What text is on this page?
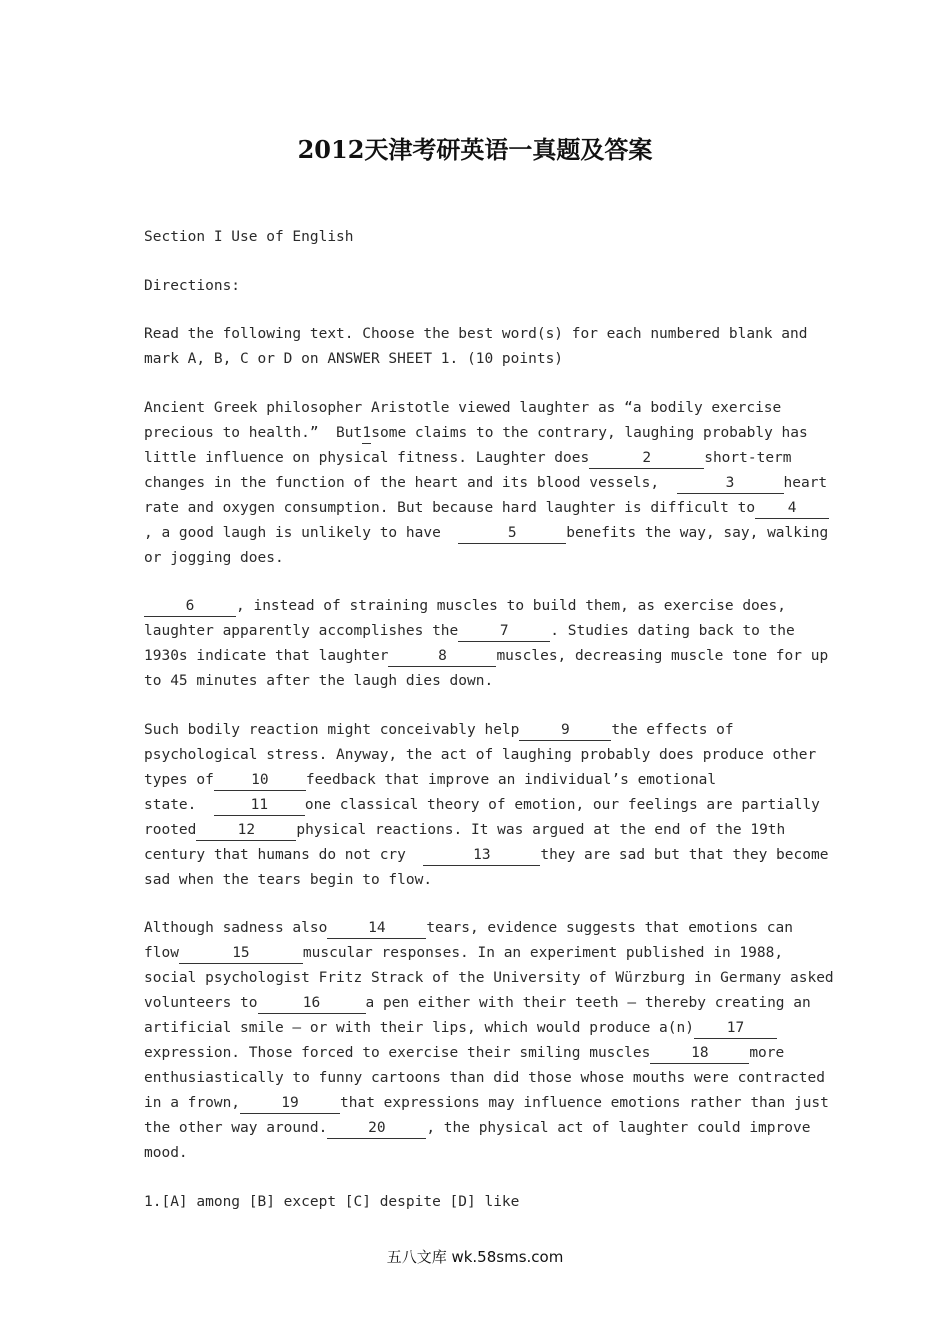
2012天津考研英语一真题及答案
Section I Use of English
Directions:
Read the following text. Choose the best word(s) for each numbered blank and
mark A, B, C or D on ANSWER SHEET 1. (10 points)
Ancient Greek philosopher Aristotle viewed laughter as “a bodily exercise
precious to health.”  But1some claims to the contrary, laughing probably has
little influence on physical fitness. Laughter does	2	short-term
changes in the function of the heart and its blood vessels,	3	heart
rate and oxygen consumption. But because hard laughter is difficult to 4
, a good laugh is unlikely to have	5	benefits the way, say, walking
or jogging does.
6	, instead of straining muscles to build them, as exercise does,
laughter apparently accomplishes the	7	. Studies dating back to the
1930s indicate that laughter	8	muscles, decreasing muscle tone for up
to 45 minutes after the laugh dies down.
Such bodily reaction might conceivably help	9	the effects of
psychological stress. Anyway, the act of laughing probably does produce other
types of	10	feedback that improve an individual’s emotional
state.	11	one classical theory of emotion, our feelings are partially
rooted	12	physical reactions. It was argued at the end of the 19th
century that humans do not cry	13	they are sad but that they become
sad when the tears begin to flow.
Although sadness also	14	tears, evidence suggests that emotions can
flow	15	muscular responses. In an experiment published in 1988,
social psychologist Fritz Strack of the University of Würzburg in Germany asked
volunteers to	16	a pen either with their teeth – thereby creating an
artificial smile – or with their lips, which would produce a(n) 17
expression. Those forced to exercise their smiling muscles	18	more
enthusiastically to funny cartoons than did those whose mouths were contracted
in a frown,	19	that expressions may influence emotions rather than just
the other way around.	20	, the physical act of laughter could improve
mood.
1.[A] among [B] except [C] despite [D] like
五八文库 wk.58sms.com
